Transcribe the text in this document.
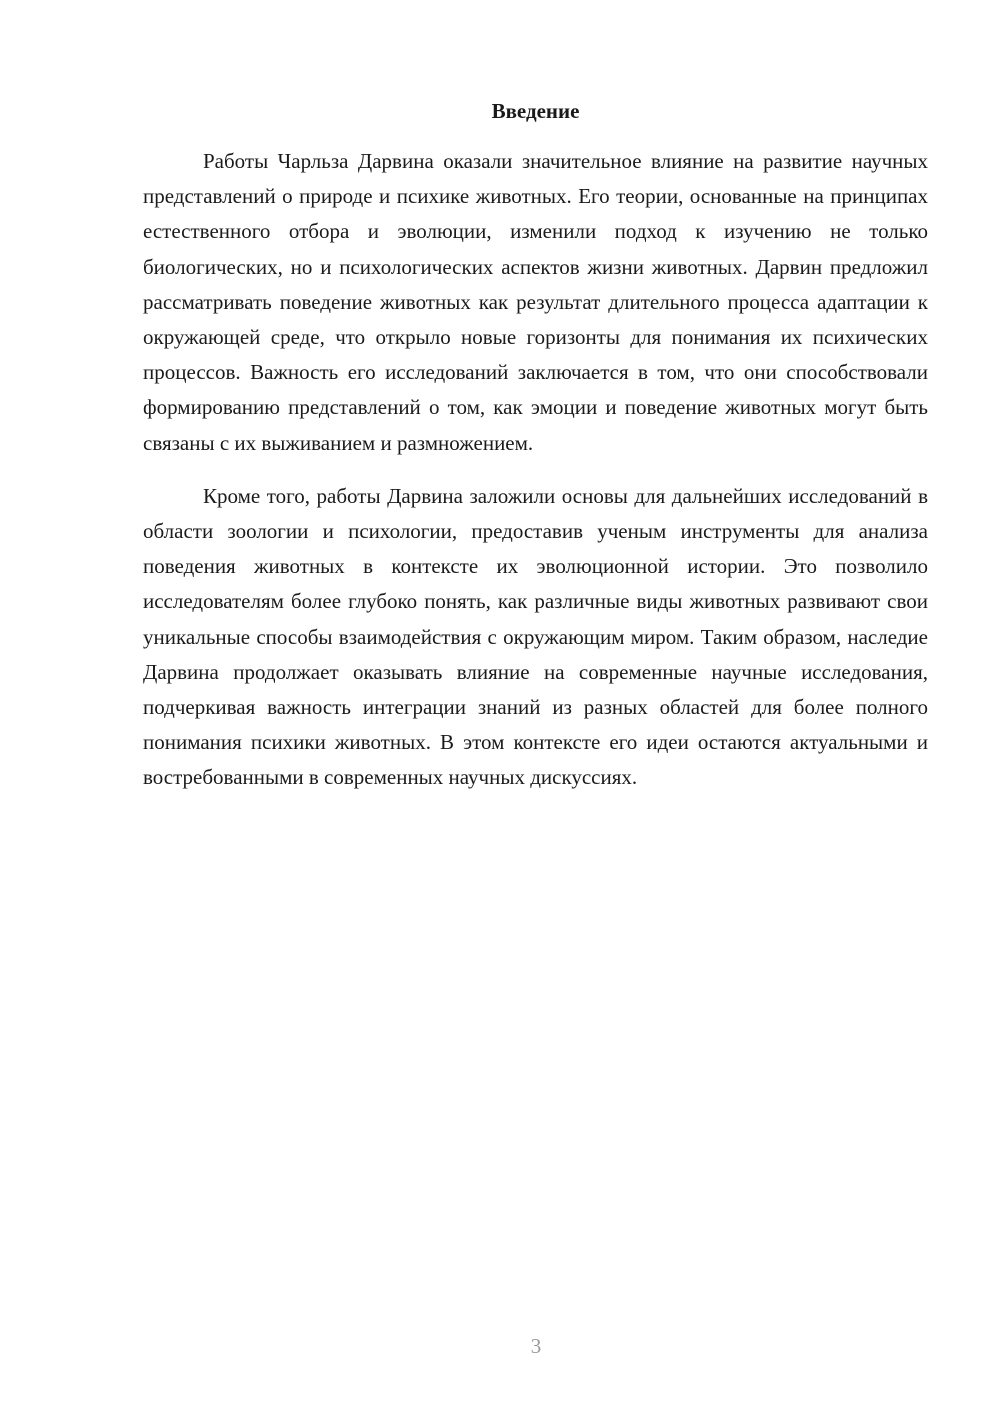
Введение

Работы Чарльза Дарвина оказали значительное влияние на развитие научных представлений о природе и психике животных. Его теории, основанные на принципах естественного отбора и эволюции, изменили подход к изучению не только биологических, но и психологических аспектов жизни животных. Дарвин предложил рассматривать поведение животных как результат длительного процесса адаптации к окружающей среде, что открыло новые горизонты для понимания их психических процессов. Важность его исследований заключается в том, что они способствовали формированию представлений о том, как эмоции и поведение животных могут быть связаны с их выживанием и размножением.

Кроме того, работы Дарвина заложили основы для дальнейших исследований в области зоологии и психологии, предоставив ученым инструменты для анализа поведения животных в контексте их эволюционной истории. Это позволило исследователям более глубоко понять, как различные виды животных развивают свои уникальные способы взаимодействия с окружающим миром. Таким образом, наследие Дарвина продолжает оказывать влияние на современные научные исследования, подчеркивая важность интеграции знаний из разных областей для более полного понимания психики животных. В этом контексте его идеи остаются актуальными и востребованными в современных научных дискуссиях.

3
